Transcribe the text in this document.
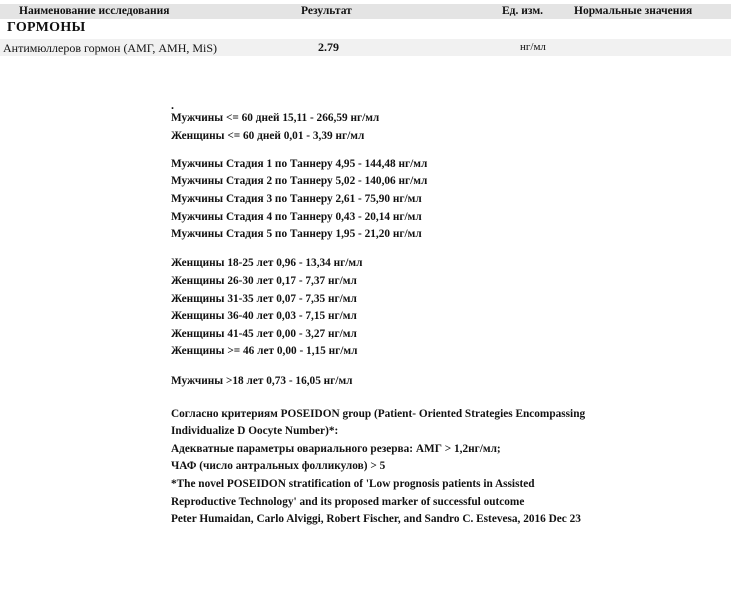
Наименование исследования	Результат	Ед. изм.	Нормальные значения
ГОРМОНЫ
Антимюллеров гормон (АМГ, АМН, MiS)	2.79	нг/мл
.
Мужчины <= 60 дней 15,11 - 266,59 нг/мл
Женщины <= 60 дней 0,01 - 3,39 нг/мл
Мужчины Стадия 1 по Таннеру 4,95 - 144,48 нг/мл
Мужчины Стадия 2 по Таннеру 5,02 - 140,06 нг/мл
Мужчины Стадия 3 по Таннеру 2,61 - 75,90 нг/мл
Мужчины Стадия 4 по Таннеру 0,43 - 20,14 нг/мл
Мужчины Стадия 5 по Таннеру 1,95 - 21,20 нг/мл
Женщины 18-25 лет 0,96 - 13,34 нг/мл
Женщины 26-30 лет 0,17 - 7,37 нг/мл
Женщины 31-35 лет 0,07 - 7,35 нг/мл
Женщины 36-40 лет 0,03 - 7,15 нг/мл
Женщины 41-45 лет 0,00 - 3,27 нг/мл
Женщины >= 46 лет 0,00 - 1,15 нг/мл
Мужчины >18 лет 0,73 - 16,05 нг/мл
Согласно критериям POSEIDON group (Patient- Oriented Strategies Encompassing
Individualize D Oocyte Number)*:
Адекватные параметры овариального резерва: АМГ > 1,2нг/мл;
ЧАФ (число антральных фолликулов) > 5
*The novel POSEIDON stratification of 'Low prognosis patients in Assisted
Reproductive Technology' and its proposed marker of successful outcome
Peter Humaidan, Carlo Alviggi, Robert Fischer, and Sandro C. Estevesa, 2016 Dec 23
